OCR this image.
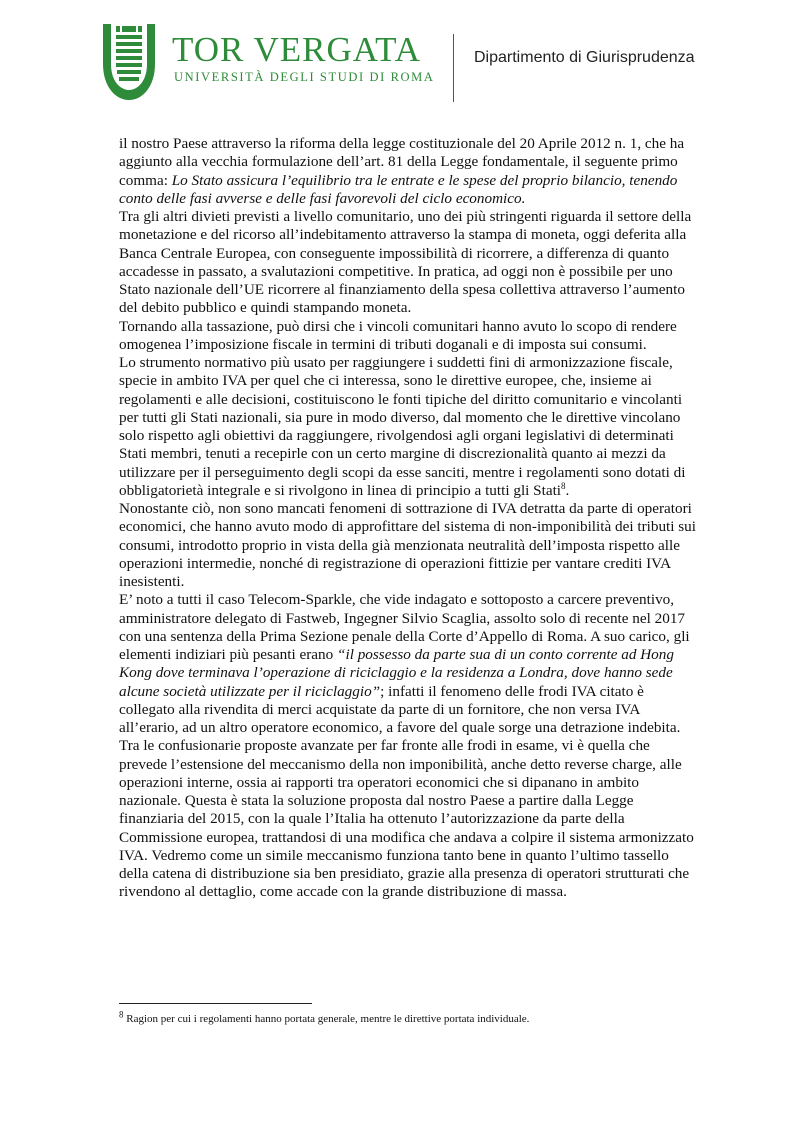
TOR VERGATA
UNIVERSITÀ DEGLI STUDI DI ROMA
Dipartimento di Giurisprudenza

il nostro Paese attraverso la riforma della legge costituzionale del 20 Aprile 2012 n. 1, che ha aggiunto alla vecchia formulazione dell’art. 81 della Legge fondamentale, il seguente primo comma: Lo Stato assicura l’equilibrio tra le entrate e le spese del proprio bilancio, tenendo conto delle fasi avverse e delle fasi favorevoli del ciclo economico.

Tra gli altri divieti previsti a livello comunitario, uno dei più stringenti riguarda il settore della monetazione e del ricorso all’indebitamento attraverso la stampa di moneta, oggi deferita alla Banca Centrale Europea, con conseguente impossibilità di ricorrere, a differenza di quanto accadesse in passato, a svalutazioni competitive. In pratica, ad oggi non è possibile per uno Stato nazionale dell’UE ricorrere al finanziamento della spesa collettiva attraverso l’aumento del debito pubblico e quindi stampando moneta.

Tornando alla tassazione, può dirsi che i vincoli comunitari hanno avuto lo scopo di rendere omogenea l’imposizione fiscale in termini di tributi doganali e di imposta sui consumi.

Lo strumento normativo più usato per raggiungere i suddetti fini di armonizzazione fiscale, specie in ambito IVA per quel che ci interessa, sono le direttive europee, che, insieme ai regolamenti e alle decisioni, costituiscono le fonti tipiche del diritto comunitario e vincolanti per tutti gli Stati nazionali, sia pure in modo diverso, dal momento che le direttive vincolano solo rispetto agli obiettivi da raggiungere, rivolgendosi agli organi legislativi di determinati Stati membri, tenuti a recepirle con un certo margine di discrezionalità quanto ai mezzi da utilizzare per il perseguimento degli scopi da esse sanciti, mentre i regolamenti sono dotati di obbligatorietà integrale e si rivolgono in linea di principio a tutti gli Stati$^8$.

Nonostante ciò, non sono mancati fenomeni di sottrazione di IVA detratta da parte di operatori economici, che hanno avuto modo di approfittare del sistema di non-imponibilità dei tributi sui consumi, introdotto proprio in vista della già menzionata neutralità dell’imposta rispetto alle operazioni intermedie, nonché di registrazione di operazioni fittizie per vantare crediti IVA inesistenti.

E’ noto a tutti il caso Telecom-Sparkle, che vide indagato e sottoposto a carcere preventivo, amministratore delegato di Fastweb, Ingegner Silvio Scaglia, assolto solo di recente nel 2017 con una sentenza della Prima Sezione penale della Corte d’Appello di Roma. A suo carico, gli elementi indiziari più pesanti erano “il possesso da parte sua di un conto corrente ad Hong Kong dove terminava l’operazione di riciclaggio e la residenza a Londra, dove hanno sede alcune società utilizzate per il riciclaggio”; infatti il fenomeno delle frodi IVA citato è collegato alla rivendita di merci acquistate da parte di un fornitore, che non versa IVA all’erario, ad un altro operatore economico, a favore del quale sorge una detrazione indebita.

Tra le confusionarie proposte avanzate per far fronte alle frodi in esame, vi è quella che prevede l’estensione del meccanismo della non imponibilità, anche detto reverse charge, alle operazioni interne, ossia ai rapporti tra operatori economici che si dipanano in ambito nazionale. Questa è stata la soluzione proposta dal nostro Paese a partire dalla Legge finanziaria del 2015, con la quale l’Italia ha ottenuto l’autorizzazione da parte della Commissione europea, trattandosi di una modifica che andava a colpire il sistema armonizzato IVA. Vedremo come un simile meccanismo funziona tanto bene in quanto l’ultimo tassello della catena di distribuzione sia ben presidiato, grazie alla presenza di operatori strutturati che rivendono al dettaglio, come accade con la grande distribuzione di massa.

$^8$ Ragion per cui i regolamenti hanno portata generale, mentre le direttive portata individuale.
